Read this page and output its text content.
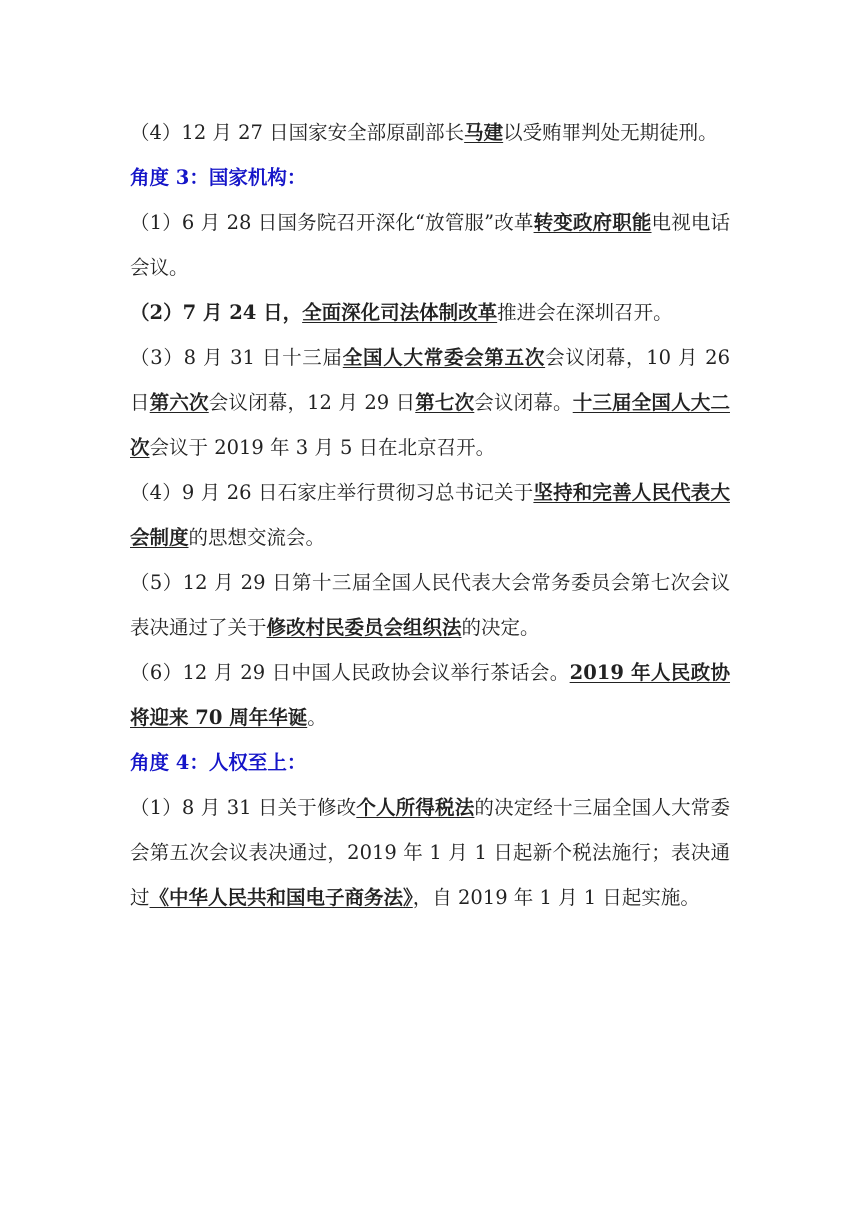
（4）12 月 27 日国家安全部原副部长马建以受贿罪判处无期徒刑。

角度 3：国家机构：

（1）6 月 28 日国务院召开深化“放管服”改革转变政府职能电视电话会议。

（2）7 月 24 日，全面深化司法体制改革推进会在深圳召开。

（3）8 月 31 日十三届全国人大常委会第五次会议闭幕，10 月 26 日第六次会议闭幕，12 月 29 日第七次会议闭幕。十三届全国人大二次会议于 2019 年 3 月 5 日在北京召开。

（4）9 月 26 日石家庄举行贯彻习总书记关于坚持和完善人民代表大会制度的思想交流会。

（5）12 月 29 日第十三届全国人民代表大会常务委员会第七次会议表决通过了关于修改村民委员会组织法的决定。

（6）12 月 29 日中国人民政协会议举行茶话会。2019 年人民政协将迎来 70 周年华诞。

角度 4：人权至上：

（1）8 月 31 日关于修改个人所得税法的决定经十三届全国人大常委会第五次会议表决通过，2019 年 1 月 1 日起新个税法施行；表决通过《中华人民共和国电子商务法》，自 2019 年 1 月 1 日起实施。
